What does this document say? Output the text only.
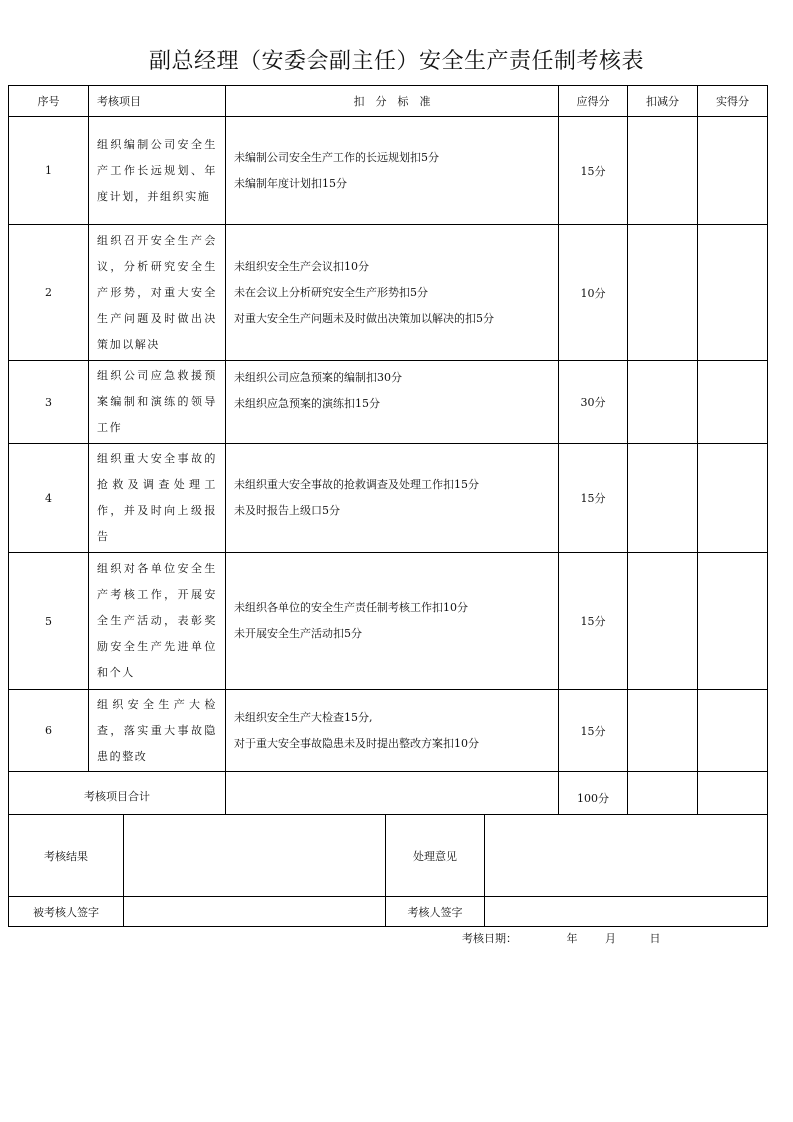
副总经理（安委会副主任）安全生产责任制考核表
序号	考核项目	扣　分　标　准	应得分	扣减分	实得分
1	组织编制公司安全生产工作长远规划、年度计划，并组织实施	未编制公司安全生产工作的长远规划扣5分
未编制年度计划扣15分	15分		
2	组织召开安全生产会议，分析研究安全生产形势，对重大安全生产问题及时做出决策加以解决	未组织安全生产会议扣10分
未在会议上分析研究安全生产形势扣5分
对重大安全生产问题未及时做出决策加以解决的扣5分	10分		
3	组织公司应急救援预案编制和演练的领导工作	未组织公司应急预案的编制扣30分
未组织应急预案的演练扣15分	30分		
4	组织重大安全事故的抢救及调查处理工作，并及时向上级报告	未组织重大安全事故的抢救调查及处理工作扣15分
未及时报告上级口5分	15分		
5	组织对各单位安全生产考核工作，开展安全生产活动，表彰奖励安全生产先进单位和个人	未组织各单位的安全生产责任制考核工作扣10分
未开展安全生产活动扣5分	15分		
6	组织安全生产大检查，落实重大事故隐患的整改	未组织安全生产大检查15分,
对于重大安全事故隐患未及时提出整改方案扣10分	15分		
考核项目合计			100分		
考核结果		处理意见	
被考核人签字		考核人签字	
考核日期：	年	月	日
